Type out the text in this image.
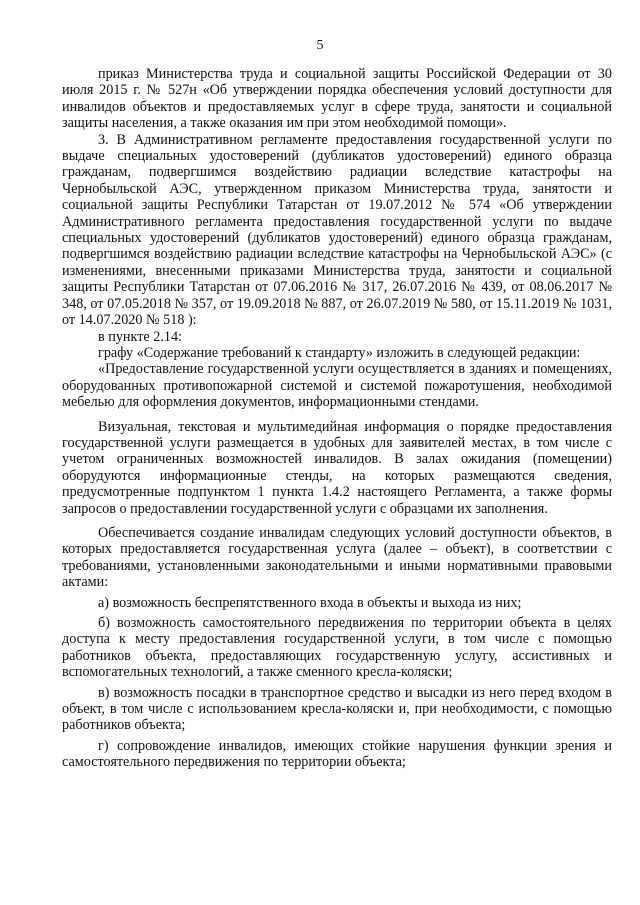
5

приказ Министерства труда и социальной защиты Российской Федерации от 30 июля 2015 г. № 527н «Об утверждении порядка обеспечения условий доступности для инвалидов объектов и предоставляемых услуг в сфере труда, занятости и социальной защиты населения, а также оказания им при этом необходимой помощи».

3. В Административном регламенте предоставления государственной услуги по выдаче специальных удостоверений (дубликатов удостоверений) единого образца гражданам, подвергшимся воздействию радиации вследствие катастрофы на Чернобыльской АЭС, утвержденном приказом Министерства труда, занятости и социальной защиты Республики Татарстан от 19.07.2012 № 574 «Об утверждении Административного регламента предоставления государственной услуги по выдаче специальных удостоверений (дубликатов удостоверений) единого образца гражданам, подвергшимся воздействию радиации вследствие катастрофы на Чернобыльской АЭС» (с изменениями, внесенными приказами Министерства труда, занятости и социальной защиты Республики Татарстан от 07.06.2016 № 317, 26.07.2016 № 439, от 08.06.2017 № 348, от 07.05.2018 № 357, от 19.09.2018 № 887, от 26.07.2019 № 580, от 15.11.2019 № 1031, от 14.07.2020 № 518 ):

в пункте 2.14:

графу «Содержание требований к стандарту» изложить в следующей редакции:

«Предоставление государственной услуги осуществляется в зданиях и помещениях, оборудованных противопожарной системой и системой пожаротушения, необходимой мебелью для оформления документов, информационными стендами.

Визуальная, текстовая и мультимедийная информация о порядке предоставления государственной услуги размещается в удобных для заявителей местах, в том числе с учетом ограниченных возможностей инвалидов. В залах ожидания (помещении) оборудуются информационные стенды, на которых размещаются сведения, предусмотренные подпунктом 1 пункта 1.4.2 настоящего Регламента, а также формы запросов о предоставлении государственной услуги с образцами их заполнения.

Обеспечивается создание инвалидам следующих условий доступности объектов, в которых предоставляется государственная услуга (далее – объект), в соответствии с требованиями, установленными законодательными и иными нормативными правовыми актами:

а) возможность беспрепятственного входа в объекты и выхода из них;

б) возможность самостоятельного передвижения по территории объекта в целях доступа к месту предоставления государственной услуги, в том числе с помощью работников объекта, предоставляющих государственную услугу, ассистивных и вспомогательных технологий, а также сменного кресла-коляски;

в) возможность посадки в транспортное средство и высадки из него перед входом в объект, в том числе с использованием кресла-коляски и, при необходимости, с помощью работников объекта;

г) сопровождение инвалидов, имеющих стойкие нарушения функции зрения и самостоятельного передвижения по территории объекта;
